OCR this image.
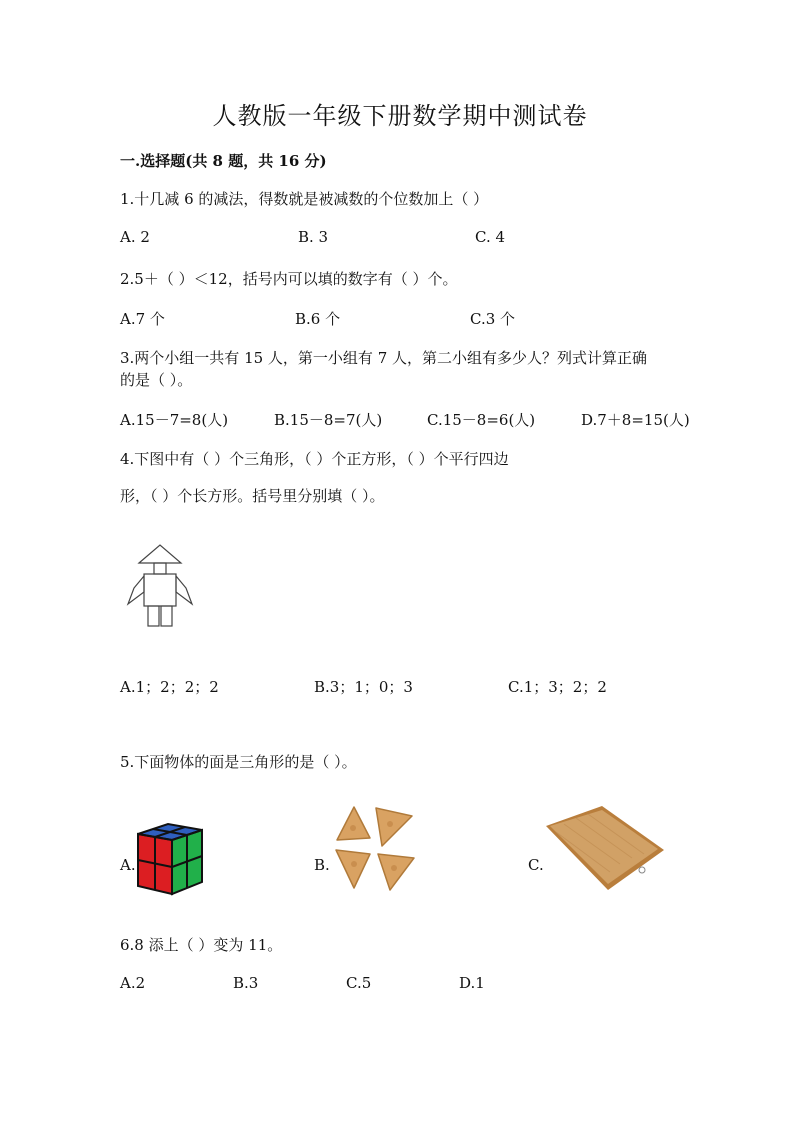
人教版一年级下册数学期中测试卷
一.选择题(共 8 题，共 16 分)
1.十几减 6 的减法，得数就是被减数的个位数加上（ ）
A. 2	B. 3	C. 4
2.5＋（ ）＜12，括号内可以填的数字有（ ）个。
A.7 个	B.6 个	C.3 个
3.两个小组一共有 15 人，第一小组有 7 人，第二小组有多少人？列式计算正确
的是（ ）。
A.15－7=8(人)	B.15－8=7(人)	C.15－8=6(人)	D.7＋8=15(人)
4.下图中有（ ）个三角形，（ ）个正方形，（ ）个平行四边
形，（ ）个长方形。括号里分别填（ ）。
A.1；2；2；2	B.3；1；0；3	C.1；3；2；2
5.下面物体的面是三角形的是（ ）。
A.	B.	C.
6.8 添上（ ）变为 11。
A.2	B.3	C.5	D.1
